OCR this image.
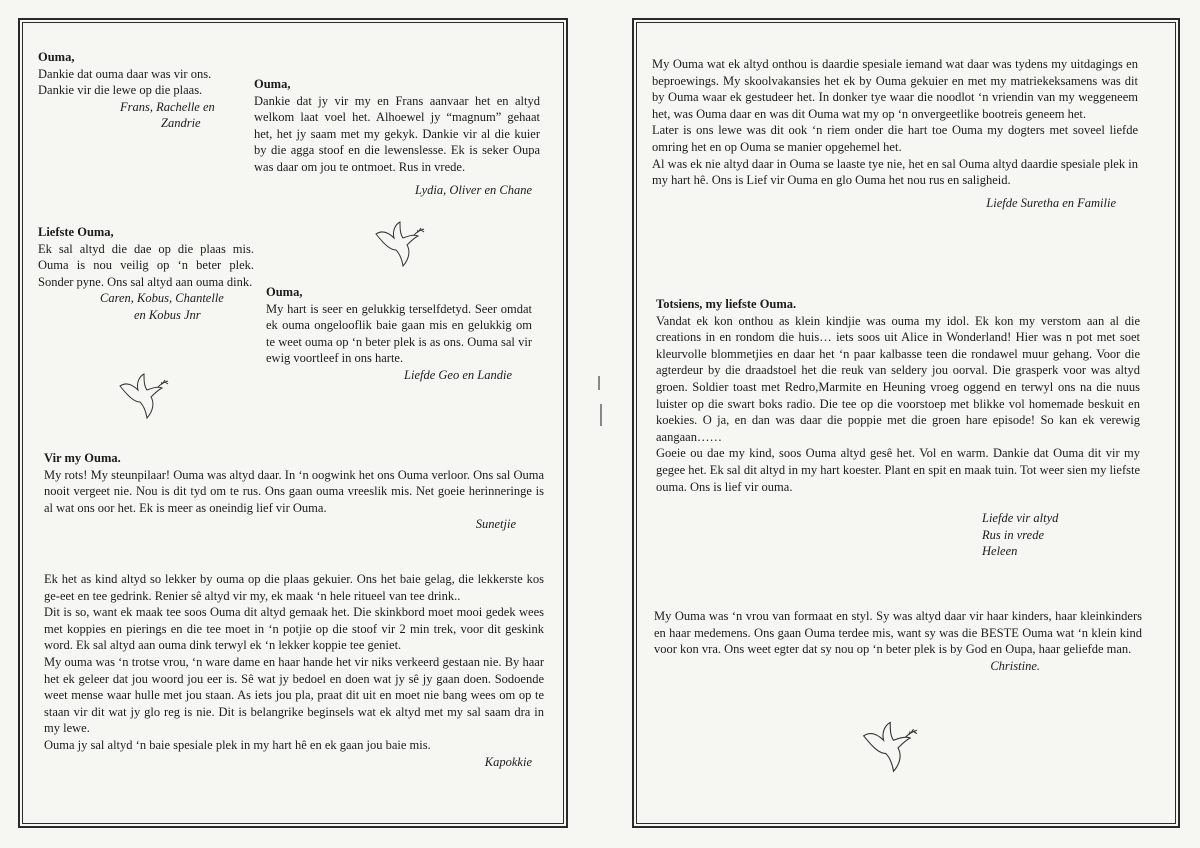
Ouma,

Dankie dat ouma daar was vir ons.

Dankie vir die lewe op die plaas.

Frans, Rachelle en

Zandrie

Ouma,

Dankie dat jy vir my en Frans aanvaar het en altyd welkom laat voel het. Alhoewel jy “magnum” gehaat het, het jy saam met my gekyk. Dankie vir al die kuier by die agga stoof en die lewenslesse. Ek is seker Oupa was daar om jou te ontmoet. Rus in vrede.

Lydia, Oliver en Chane

Liefste Ouma,

Ek sal altyd die dae op die plaas mis. Ouma is nou veilig op ‘n beter plek. Sonder pyne. Ons sal altyd aan ouma dink.

Caren, Kobus, Chantelle

en Kobus Jnr

Ouma,

My hart is seer en gelukkig terselfdetyd. Seer omdat ek ouma ongelooflik baie gaan mis en gelukkig om te weet ouma op ‘n beter plek is as ons. Ouma sal vir ewig voortleef in ons harte.

Liefde Geo en Landie

Vir my Ouma.

My rots! My steunpilaar! Ouma was altyd daar. In ‘n oogwink het ons Ouma verloor. Ons sal Ouma nooit vergeet nie. Nou is dit tyd om te rus. Ons gaan ouma vreeslik mis. Net goeie herinneringe is al wat ons oor het. Ek is meer as oneindig lief vir Ouma.

Sunetjie

Ek het as kind altyd so lekker by ouma op die plaas gekuier. Ons het baie gelag, die lekkerste kos ge-eet en tee gedrink. Renier sê altyd vir my, ek maak ‘n hele ritueel van tee drink..

Dit is so, want ek maak tee soos Ouma dit altyd gemaak het. Die skinkbord moet mooi gedek wees met koppies en pierings en die tee moet in ‘n potjie op die stoof vir 2 min trek, voor dit geskink word. Ek sal altyd aan ouma dink terwyl ek ‘n lekker koppie tee geniet.

My ouma was ‘n trotse vrou, ‘n ware dame en haar hande het vir niks verkeerd gestaan nie. By haar het ek geleer dat jou woord jou eer is. Sê wat jy bedoel en doen wat jy sê jy gaan doen. Sodoende weet mense waar hulle met jou staan. As iets jou pla, praat dit uit en moet nie bang wees om op te staan vir dit wat jy glo reg is nie. Dit is belangrike beginsels wat ek altyd met my sal saam dra in my lewe.

Ouma jy sal altyd ‘n baie spesiale plek in my hart hê en ek gaan jou baie mis.

Kapokkie

My Ouma wat ek altyd onthou is daardie spesiale iemand wat daar was tydens my uitdagings en beproewings. My skoolvakansies het ek by Ouma gekuier en met my matriekeksamens was dit by Ouma waar ek gestudeer het. In donker tye waar die noodlot ‘n vriendin van my weggeneem het, was Ouma daar en was dit Ouma wat my op ‘n onvergeetlike bootreis geneem het.

Later is ons lewe was dit ook ‘n riem onder die hart toe Ouma my dogters met soveel liefde omring het en op Ouma se manier opgehemel het.

Al was ek nie altyd daar in Ouma se laaste tye nie, het en sal Ouma altyd daardie spesiale plek in my hart hê. Ons is Lief vir Ouma en glo Ouma het nou rus en saligheid.

Liefde Suretha en Familie

Totsiens, my liefste Ouma.

Vandat ek kon onthou as klein kindjie was ouma my idol. Ek kon my verstom aan al die creations in en rondom die huis… iets soos uit Alice in Wonderland! Hier was n pot met soet kleurvolle blommetjies en daar het ‘n paar kalbasse teen die rondawel muur gehang. Voor die agterdeur by die draadstoel het die reuk van seldery jou oorval. Die grasperk voor was altyd groen. Soldier toast met Redro,Marmite en Heuning vroeg oggend en terwyl ons na die nuus luister op die swart boks radio. Die tee op die voorstoep met blikke vol homemade beskuit en koekies. O ja, en dan was daar die poppie met die groen hare episode! So kan ek verewig aangaan……

Goeie ou dae my kind, soos Ouma altyd gesê het. Vol en warm. Dankie dat Ouma dit vir my gegee het. Ek sal dit altyd in my hart koester. Plant en spit en maak tuin. Tot weer sien my liefste ouma. Ons is lief vir ouma.

Liefde vir altyd

Rus in vrede

Heleen

My Ouma was ‘n vrou van formaat en styl. Sy was altyd daar vir haar kinders, haar kleinkinders en haar medemens. Ons gaan Ouma terdee mis, want sy was die BESTE Ouma wat ‘n klein kind voor kon vra. Ons weet egter dat sy nou op ‘n beter plek is by God en Oupa, haar geliefde man.

Christine.
